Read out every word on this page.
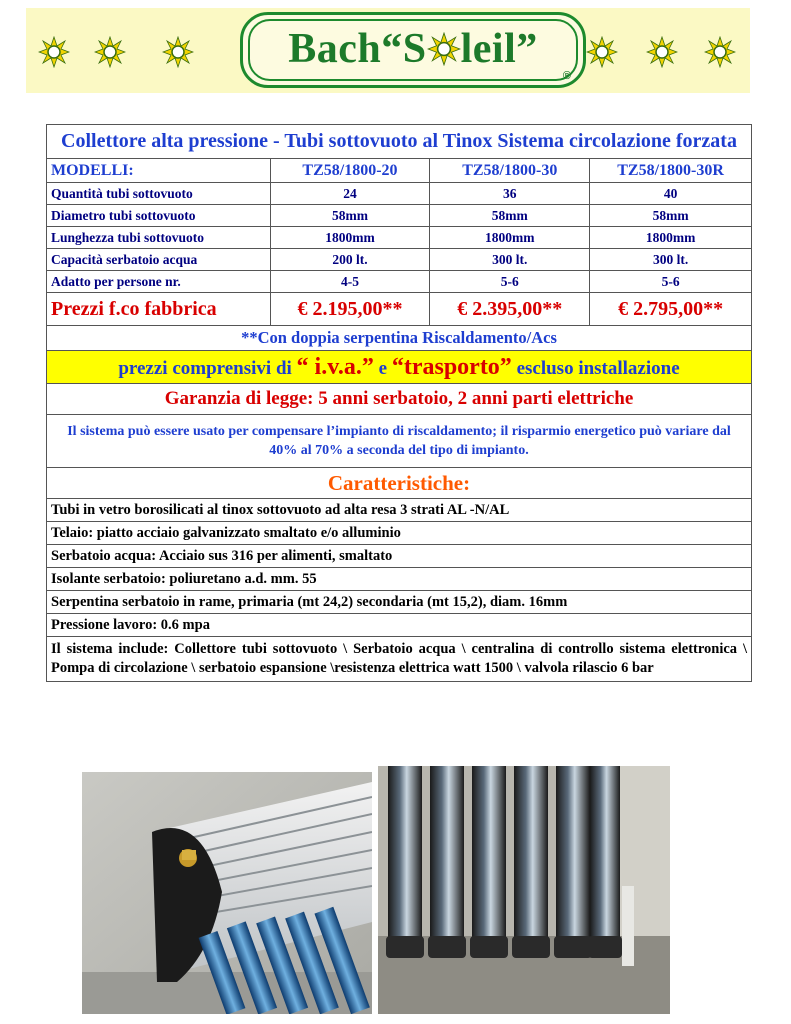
Bach“S leil”
®
Collettore alta pressione - Tubi sottovuoto al Tinox Sistema circolazione forzata			
MODELLI:	TZ58/1800-20	TZ58/1800-30	TZ58/1800-30R
Quantità tubi sottovuoto	24	36	40
Diametro tubi sottovuoto	58mm	58mm	58mm
Lunghezza tubi sottovuoto	1800mm	1800mm	1800mm
Capacità serbatoio acqua	200 lt.	300 lt.	300 lt.
Adatto per persone nr.	4-5	5-6	5-6
Prezzi f.co fabbrica	€ 2.195,00**	€ 2.395,00**	€ 2.795,00**
**Con doppia serpentina Riscaldamento/Acs			
prezzi comprensivi di “ i.v.a.” e “trasporto” escluso installazione			
Garanzia di legge: 5 anni serbatoio, 2 anni parti elettriche			
Il sistema può essere usato per compensare l’impianto di riscaldamento; il risparmio energetico può variare dal 40% al 70% a seconda del tipo di impianto.			
Caratteristiche:			
Tubi in vetro borosilicati al tinox sottovuoto ad alta resa 3 strati AL -N/AL			
Telaio: piatto acciaio galvanizzato smaltato e/o alluminio			
Serbatoio acqua: Acciaio sus 316 per alimenti, smaltato			
Isolante serbatoio: poliuretano a.d. mm. 55			
Serpentina serbatoio in rame, primaria (mt 24,2) secondaria (mt 15,2), diam. 16mm			
Pressione lavoro: 0.6 mpa			
Il sistema include: Collettore tubi sottovuoto \ Serbatoio acqua \ centralina di controllo sistema elettronica \ Pompa di circolazione \ serbatoio espansione \resistenza elettrica watt 1500 \ valvola rilascio 6 bar			
